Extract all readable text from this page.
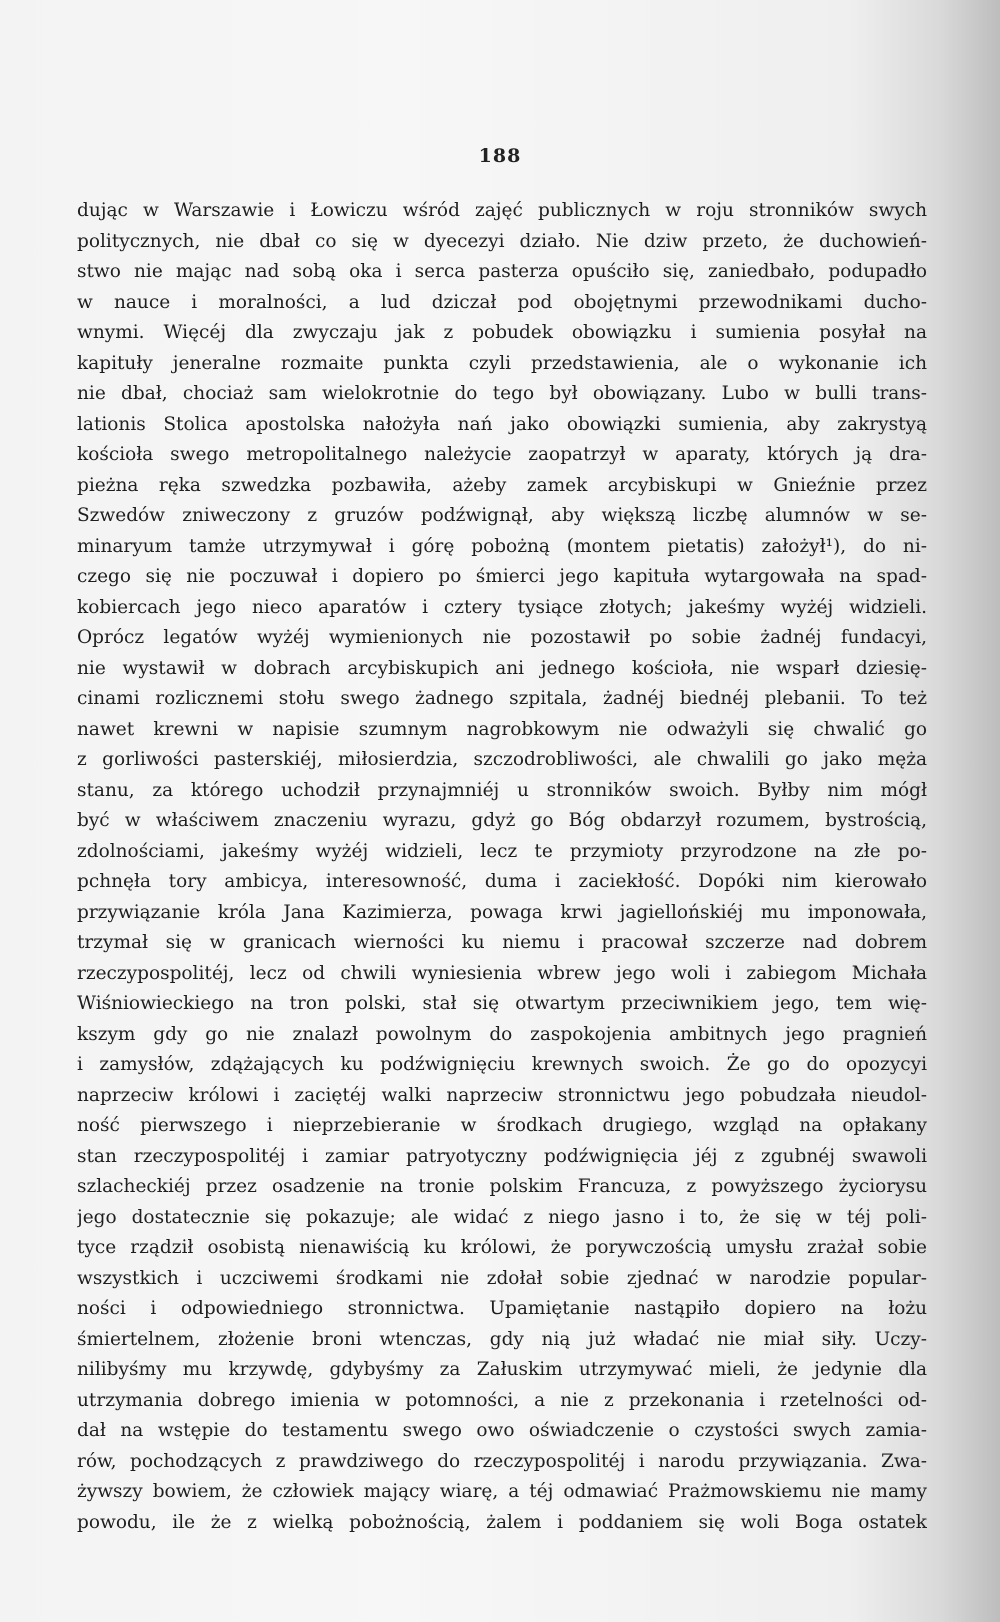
188
dując w Warszawie i Łowiczu wśród zajęć publicznych w roju stronników swych
politycznych, nie dbał co się w dyecezyi działo. Nie dziw przeto, że duchowień-
stwo nie mając nad sobą oka i serca pasterza opuściło się, zaniedbało, podupadło
w nauce i moralności, a lud dziczał pod obojętnymi przewodnikami ducho-
wnymi. Więcéj dla zwyczaju jak z pobudek obowiązku i sumienia posyłał na
kapituły jeneralne rozmaite punkta czyli przedstawienia, ale o wykonanie ich
nie dbał, chociaż sam wielokrotnie do tego był obowiązany. Lubo w bulli trans-
lationis Stolica apostolska nałożyła nań jako obowiązki sumienia, aby zakrystyą
kościoła swego metropolitalnego należycie zaopatrzył w aparaty, których ją dra-
pieżna ręka szwedzka pozbawiła, ażeby zamek arcybiskupi w Gnieźnie przez
Szwedów zniweczony z gruzów podźwignął, aby większą liczbę alumnów w se-
minaryum tamże utrzymywał i górę pobożną (montem pietatis) założył¹), do ni-
czego się nie poczuwał i dopiero po śmierci jego kapituła wytargowała na spad-
kobiercach jego nieco aparatów i cztery tysiące złotych; jakeśmy wyżéj widzieli.
Oprócz legatów wyżéj wymienionych nie pozostawił po sobie żadnéj fundacyi,
nie wystawił w dobrach arcybiskupich ani jednego kościoła, nie wsparł dziesię-
cinami rozlicznemi stołu swego żadnego szpitala, żadnéj biednéj plebanii. To też
nawet krewni w napisie szumnym nagrobkowym nie odważyli się chwalić go
z gorliwości pasterskiéj, miłosierdzia, szczodrobliwości, ale chwalili go jako męża
stanu, za którego uchodził przynajmniéj u stronników swoich. Byłby nim mógł
być w właściwem znaczeniu wyrazu, gdyż go Bóg obdarzył rozumem, bystrością,
zdolnościami, jakeśmy wyżéj widzieli, lecz te przymioty przyrodzone na złe po-
pchnęła tory ambicya, interesowność, duma i zaciekłość. Dopóki nim kierowało
przywiązanie króla Jana Kazimierza, powaga krwi jagiellońskiéj mu imponowała,
trzymał się w granicach wierności ku niemu i pracował szczerze nad dobrem
rzeczypospolitéj, lecz od chwili wyniesienia wbrew jego woli i zabiegom Michała
Wiśniowieckiego na tron polski, stał się otwartym przeciwnikiem jego, tem wię-
kszym gdy go nie znalazł powolnym do zaspokojenia ambitnych jego pragnień
i zamysłów, zdążających ku podźwignięciu krewnych swoich. Że go do opozycyi
naprzeciw królowi i zaciętéj walki naprzeciw stronnictwu jego pobudzała nieudol-
ność pierwszego i nieprzebieranie w środkach drugiego, wzgląd na opłakany
stan rzeczypospolitéj i zamiar patryotyczny podźwignięcia jéj z zgubnéj swawoli
szlacheckiéj przez osadzenie na tronie polskim Francuza, z powyższego życiorysu
jego dostatecznie się pokazuje; ale widać z niego jasno i to, że się w téj poli-
tyce rządził osobistą nienawiścią ku królowi, że porywczością umysłu zrażał sobie
wszystkich i uczciwemi środkami nie zdołał sobie zjednać w narodzie popular-
ności i odpowiedniego stronnictwa. Upamiętanie nastąpiło dopiero na łożu
śmiertelnem, złożenie broni wtenczas, gdy nią już władać nie miał siły. Uczy-
nilibyśmy mu krzywdę, gdybyśmy za Załuskim utrzymywać mieli, że jedynie dla
utrzymania dobrego imienia w potomności, a nie z przekonania i rzetelności od-
dał na wstępie do testamentu swego owo oświadczenie o czystości swych zamia-
rów, pochodzących z prawdziwego do rzeczypospolitéj i narodu przywiązania. Zwa-
żywszy bowiem, że człowiek mający wiarę, a téj odmawiać Prażmowskiemu nie mamy
powodu, ile że z wielką pobożnością, żalem i poddaniem się woli Boga ostatek
